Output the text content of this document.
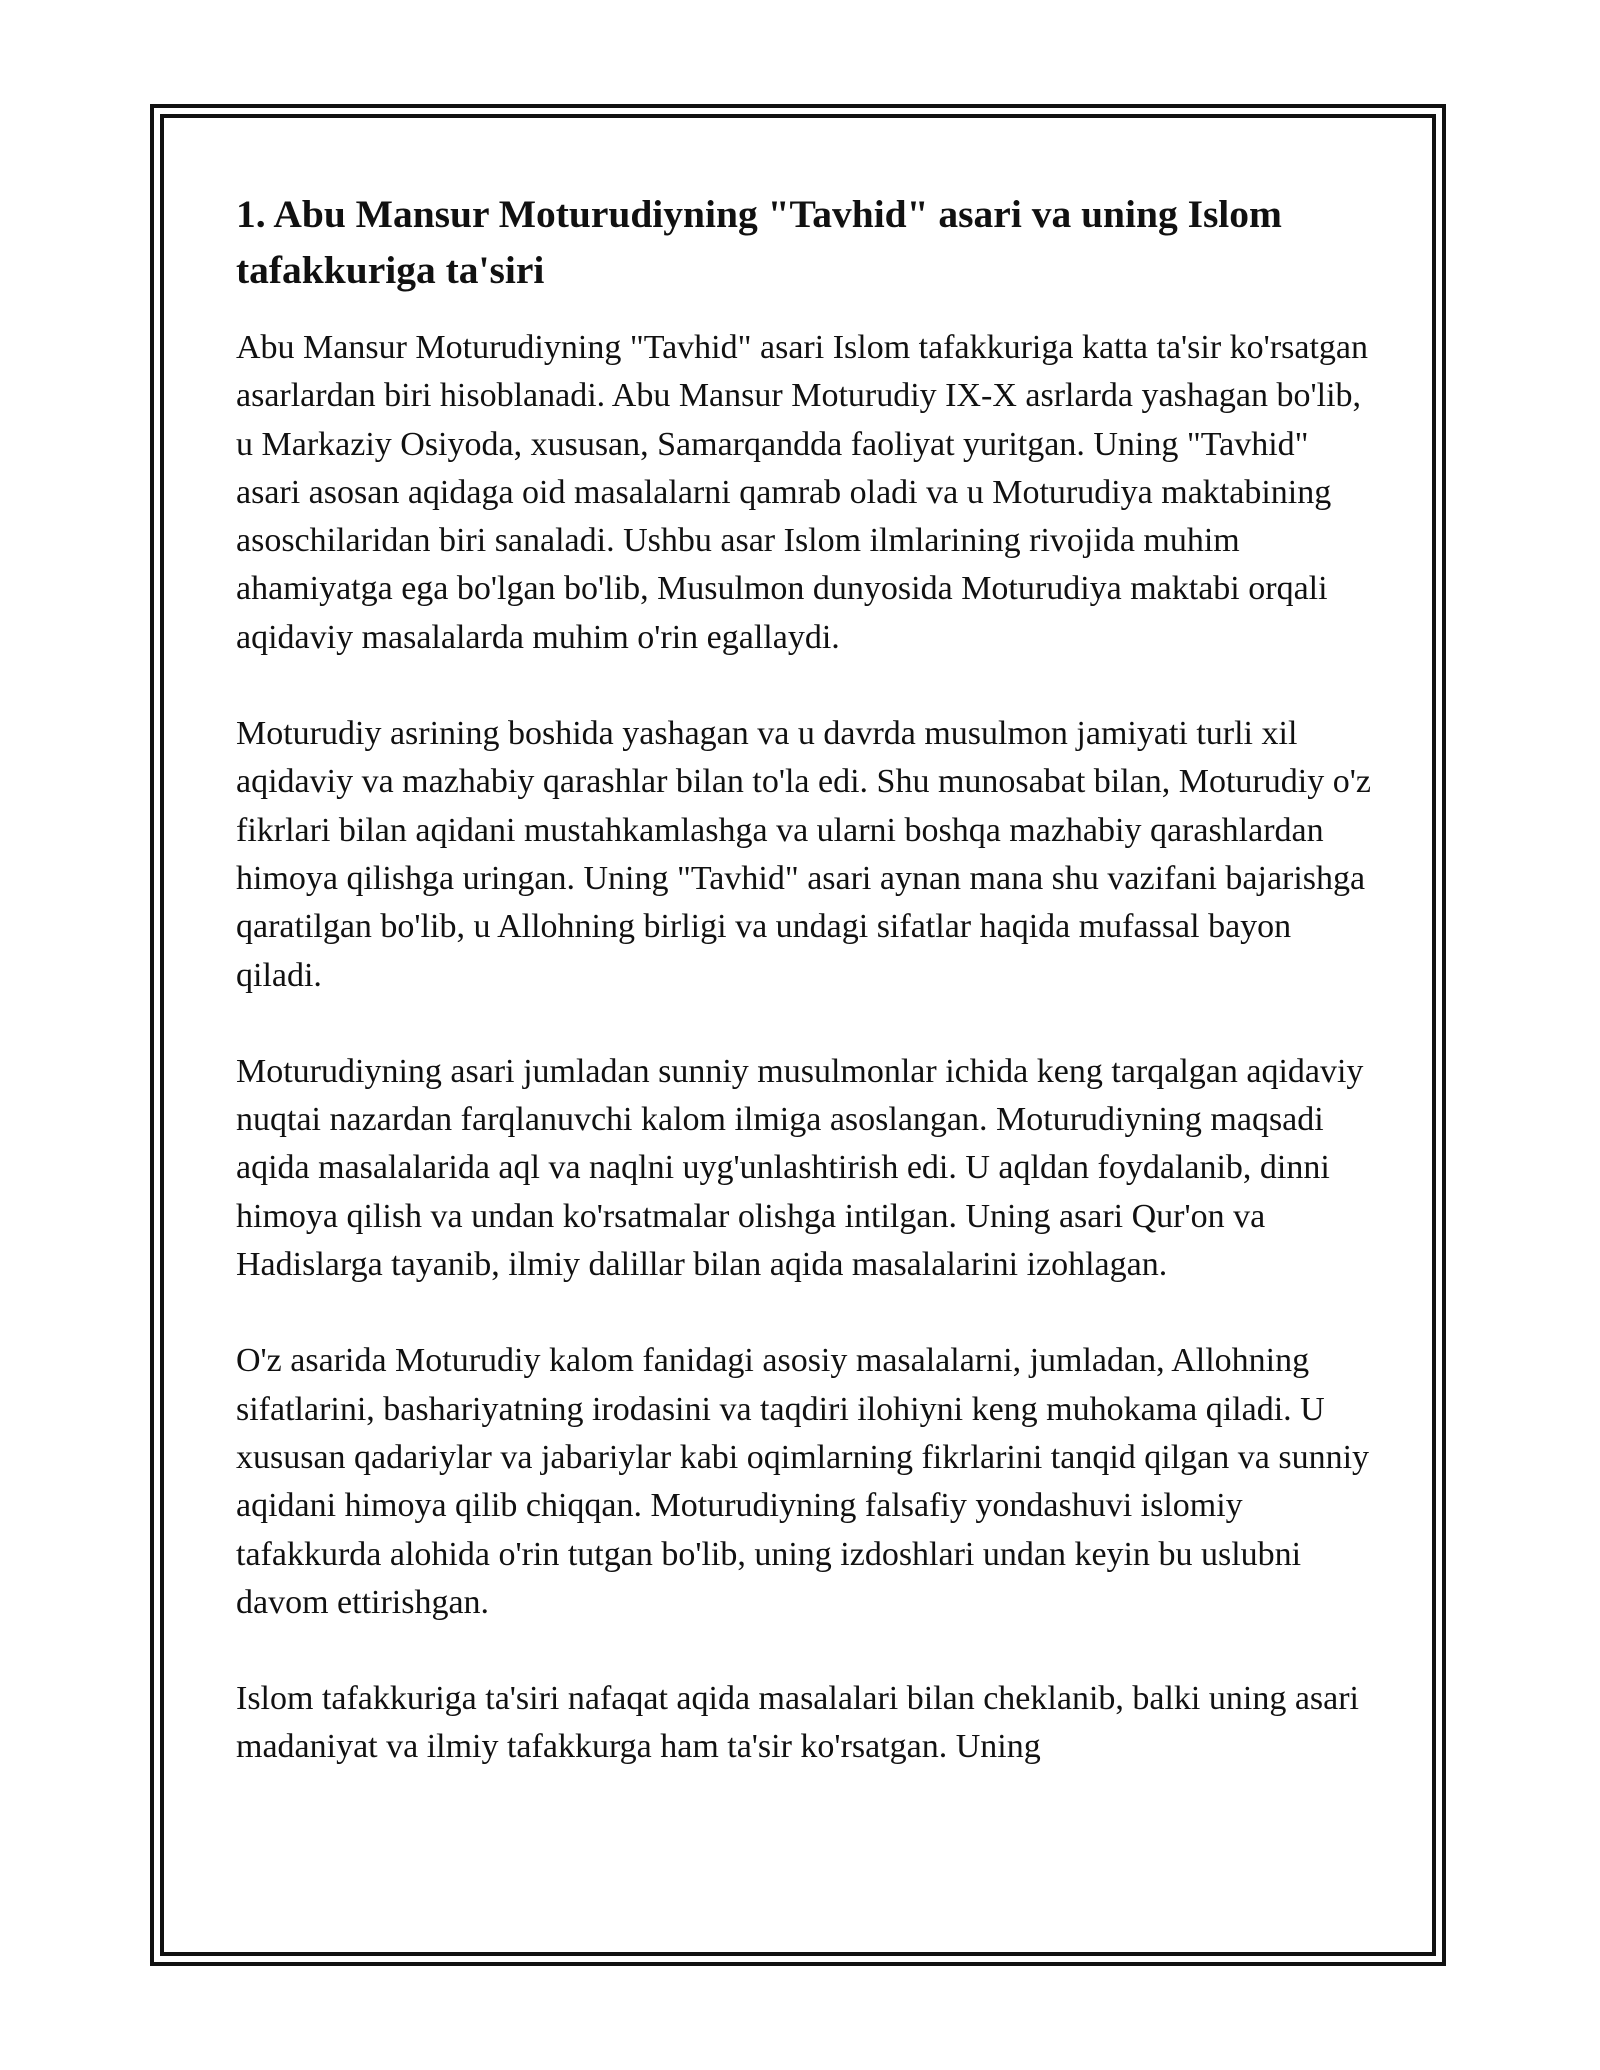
1. Abu Mansur Moturudiyning "Tavhid" asari va uning Islom tafakkuriga ta'siri

Abu Mansur Moturudiyning "Tavhid" asari Islom tafakkuriga katta ta'sir ko'rsatgan asarlardan biri hisoblanadi. Abu Mansur Moturudiy IX-X asrlarda yashagan bo'lib, u Markaziy Osiyoda, xususan, Samarqandda faoliyat yuritgan. Uning "Tavhid" asari asosan aqidaga oid masalalarni qamrab oladi va u Moturudiya maktabining asoschilaridan biri sanaladi. Ushbu asar Islom ilmlarining rivojida muhim ahamiyatga ega bo'lgan bo'lib, Musulmon dunyosida Moturudiya maktabi orqali aqidaviy masalalarda muhim o'rin egallaydi.

Moturudiy asrining boshida yashagan va u davrda musulmon jamiyati turli xil aqidaviy va mazhabiy qarashlar bilan to'la edi. Shu munosabat bilan, Moturudiy o'z fikrlari bilan aqidani mustahkamlashga va ularni boshqa mazhabiy qarashlardan himoya qilishga uringan. Uning "Tavhid" asari aynan mana shu vazifani bajarishga qaratilgan bo'lib, u Allohning birligi va undagi sifatlar haqida mufassal bayon qiladi.

Moturudiyning asari jumladan sunniy musulmonlar ichida keng tarqalgan aqidaviy nuqtai nazardan farqlanuvchi kalom ilmiga asoslangan. Moturudiyning maqsadi aqida masalalarida aql va naqlni uyg'unlashtirish edi. U aqldan foydalanib, dinni himoya qilish va undan ko'rsatmalar olishga intilgan. Uning asari Qur'on va Hadislarga tayanib, ilmiy dalillar bilan aqida masalalarini izohlagan.

O'z asarida Moturudiy kalom fanidagi asosiy masalalarni, jumladan, Allohning sifatlarini, bashariyatning irodasini va taqdiri ilohiyni keng muhokama qiladi. U xususan qadariylar va jabariylar kabi oqimlarning fikrlarini tanqid qilgan va sunniy aqidani himoya qilib chiqqan. Moturudiyning falsafiy yondashuvi islomiy tafakkurda alohida o'rin tutgan bo'lib, uning izdoshlari undan keyin bu uslubni davom ettirishgan.

Islom tafakkuriga ta'siri nafaqat aqida masalalari bilan cheklanib, balki uning asari madaniyat va ilmiy tafakkurga ham ta'sir ko'rsatgan. Uning
